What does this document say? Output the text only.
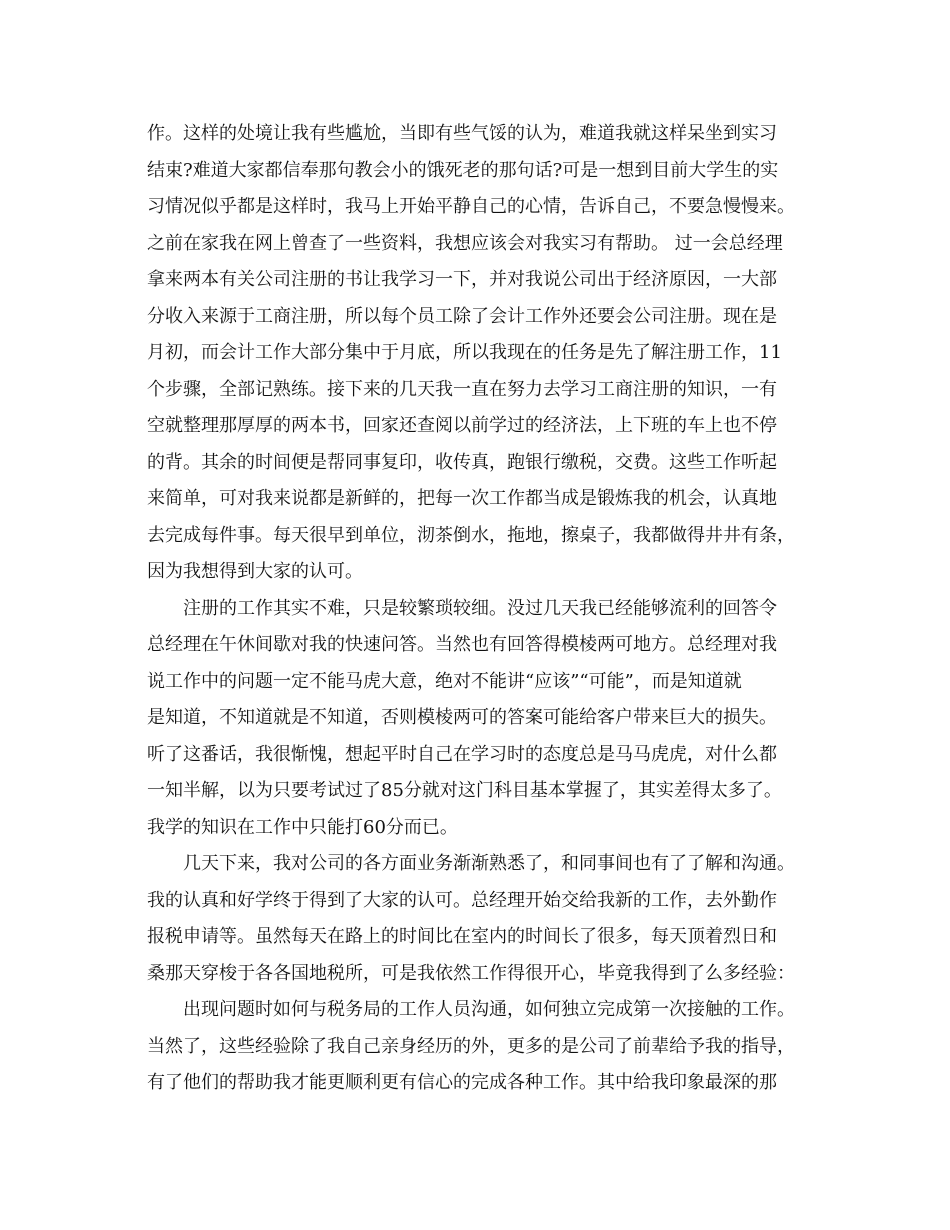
作。这样的处境让我有些尴尬，当即有些气馁的认为，难道我就这样呆坐到实习
结束?难道大家都信奉那句教会小的饿死老的那句话?可是一想到目前大学生的实
习情况似乎都是这样时，我马上开始平静自己的心情，告诉自己，不要急慢慢来。
之前在家我在网上曾查了一些资料，我想应该会对我实习有帮助。 过一会总经理
拿来两本有关公司注册的书让我学习一下，并对我说公司出于经济原因，一大部
分收入来源于工商注册，所以每个员工除了会计工作外还要会公司注册。现在是
月初，而会计工作大部分集中于月底，所以我现在的任务是先了解注册工作，11
个步骤，全部记熟练。接下来的几天我一直在努力去学习工商注册的知识，一有
空就整理那厚厚的两本书，回家还查阅以前学过的经济法，上下班的车上也不停
的背。其余的时间便是帮同事复印，收传真，跑银行缴税，交费。这些工作听起
来简单，可对我来说都是新鲜的，把每一次工作都当成是锻炼我的机会，认真地
去完成每件事。每天很早到单位，沏茶倒水，拖地，擦桌子，我都做得井井有条，
因为我想得到大家的认可。
　　注册的工作其实不难，只是较繁琐较细。没过几天我已经能够流利的回答令
总经理在午休间歇对我的快速问答。当然也有回答得模棱两可地方。总经理对我
说工作中的问题一定不能马虎大意，绝对不能讲“应该”“可能”，而是知道就
是知道，不知道就是不知道，否则模棱两可的答案可能给客户带来巨大的损失。
听了这番话，我很惭愧，想起平时自己在学习时的态度总是马马虎虎，对什么都
一知半解，以为只要考试过了85分就对这门科目基本掌握了，其实差得太多了。
我学的知识在工作中只能打60分而已。
　　几天下来，我对公司的各方面业务渐渐熟悉了，和同事间也有了了解和沟通。
我的认真和好学终于得到了大家的认可。总经理开始交给我新的工作，去外勤作
报税申请等。虽然每天在路上的时间比在室内的时间长了很多，每天顶着烈日和
桑那天穿梭于各各国地税所，可是我依然工作得很开心，毕竟我得到了么多经验：
　　出现问题时如何与税务局的工作人员沟通，如何独立完成第一次接触的工作。
当然了，这些经验除了我自己亲身经历的外，更多的是公司了前辈给予我的指导，
有了他们的帮助我才能更顺利更有信心的完成各种工作。其中给我印象最深的那
